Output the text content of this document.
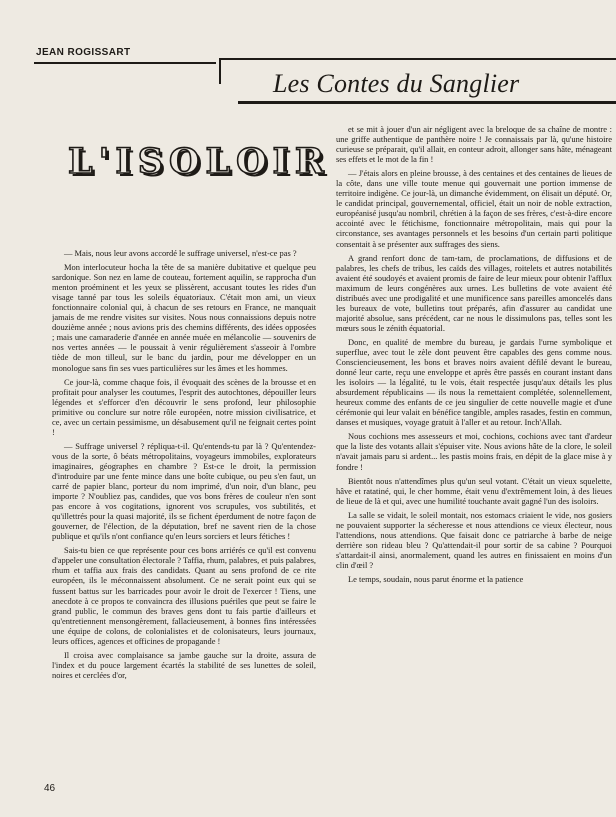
JEAN ROGISSART
Les Contes du Sanglier
L'ISOLOIR

— Mais, nous leur avons accordé le suffrage universel, n'est-ce pas ?

Mon interlocuteur hocha la tête de sa manière dubitative et quelque peu sardonique. Son nez en lame de couteau, fortement aquilin, se rapprocha d'un menton proéminent et les yeux se plissèrent, accusant toutes les rides d'un visage tanné par tous les soleils équatoriaux. C'était mon ami, un vieux fonctionnaire colonial qui, à chacun de ses retours en France, ne manquait jamais de me rendre visites sur visites. Nous nous connaissions depuis notre douzième année ; nous avions pris des chemins différents, des idées opposées ; mais une camaraderie d'année en année muée en mélancolie — souvenirs de nos vertes années — le poussait à venir régulièrement s'asseoir à l'ombre tiède de mon tilleul, sur le banc du jardin, pour me développer en un monologue sans fin ses vues particulières sur les âmes et les hommes.

Ce jour-là, comme chaque fois, il évoquait des scènes de la brousse et en profitait pour analyser les coutumes, l'esprit des autochtones, dépouiller leurs légendes et s'efforcer d'en découvrir le sens profond, leur philosophie primitive ou conclure sur notre rôle européen, notre mission civilisatrice, et ce, avec un certain pessimisme, un désabusement qu'il ne feignait certes point !

— Suffrage universel ? répliqua-t-il. Qu'entends-tu par là ? Qu'entendez-vous de la sorte, ô béats métropolitains, voyageurs immobiles, explorateurs imaginaires, géographes en chambre ? Est-ce le droit, la permission d'introduire par une fente mince dans une boîte cubique, ou peu s'en faut, un carré de papier blanc, porteur du nom imprimé, d'un noir, d'un blanc, peu importe ? N'oubliez pas, candides, que vos bons frères de couleur n'en sont pas encore à vos cogitations, ignorent vos scrupules, vos subtilités, et qu'illettrés pour la quasi majorité, ils se fichent éperdument de notre façon de gouverner, de l'élection, de la députation, bref ne savent rien de la chose publique et qu'ils n'ont confiance qu'en leurs sorciers et leurs fétiches !

Sais-tu bien ce que représente pour ces bons arriérés ce qu'il est convenu d'appeler une consultation électorale ? Taffia, rhum, palabres, et puis palabres, rhum et taffia aux frais des candidats. Quant au sens profond de ce rite européen, ils le méconnaissent absolument. Ce ne serait point eux qui se fussent battus sur les barricades pour avoir le droit de l'exercer ! Tiens, une anecdote à ce propos te convaincra des illusions puériles que peut se faire le grand public, le commun des braves gens dont tu fais partie d'ailleurs et qu'entretiennent mensongèrement, fallacieusement, à bonnes fins intéressées une équipe de colons, de colonialistes et de colonisateurs, leurs journaux, leurs offices, agences et officines de propagande !

Il croisa avec complaisance sa jambe gauche sur la droite, assura de l'index et du pouce largement écartés la stabilité de ses lunettes de soleil, noires et cerclées d'or,

et se mit à jouer d'un air négligent avec la breloque de sa chaîne de montre : une griffe authentique de panthère noire ! Je connaissais par là, qu'une histoire curieuse se préparait, qu'il allait, en conteur adroit, allonger sans hâte, ménageant ses effets et le mot de la fin !

— J'étais alors en pleine brousse, à des centaines et des centaines de lieues de la côte, dans une ville toute menue qui gouvernait une portion immense de territoire indigène. Ce jour-là, un dimanche évidemment, on élisait un député. Or, le candidat principal, gouvernemental, officiel, était un noir de noble extraction, européanisé jusqu'au nombril, chrétien à la façon de ses frères, c'est-à-dire encore accointé avec le fétichisme, fonctionnaire métropolitain, mais qui pour la circonstance, ses avantages personnels et les besoins d'un certain parti politique consentait à se présenter aux suffrages des siens.

A grand renfort donc de tam-tam, de proclamations, de diffusions et de palabres, les chefs de tribus, les caïds des villages, roitelets et autres notabilités avaient été soudoyés et avaient promis de faire de leur mieux pour obtenir l'afflux maximum de leurs congénères aux urnes. Les bulletins de vote avaient été distribués avec une prodigalité et une munificence sans pareilles amoncelés dans les bureaux de vote, bulletins tout préparés, afin d'assurer au candidat une majorité absolue, sans précédent, car ne nous le dissimulons pas, telles sont les mœurs sous le zénith équatorial.

Donc, en qualité de membre du bureau, je gardais l'urne symbolique et superflue, avec tout le zèle dont peuvent être capables des gens comme nous. Consciencieusement, les bons et braves noirs avaient défilé devant le bureau, donné leur carte, reçu une enveloppe et après être passés en courant instant dans les isoloirs — la légalité, tu le vois, était respectée jusqu'aux détails les plus absurdement républicains — ils nous la remettaient complétée, solennellement, heureux comme des enfants de ce jeu singulier de cette nouvelle magie et d'une cérémonie qui leur valait en bénéfice tangible, amples rasades, festin en commun, danses et musiques, voyage gratuit à l'aller et au retour. Inch'Allah.

Nous cochions mes assesseurs et moi, cochions, cochions avec tant d'ardeur que la liste des votants allait s'épuiser vite. Nous avions hâte de la clore, le soleil n'avait jamais paru si ardent... les pastis moins frais, en dépit de la glace mise à y fondre !

Bientôt nous n'attendîmes plus qu'un seul votant. C'était un vieux squelette, hâve et ratatiné, qui, le cher homme, était venu d'extrêmement loin, à des lieues de lieue de là et qui, avec une humilité touchante avait gagné l'un des isoloirs.

La salle se vidait, le soleil montait, nos estomacs criaient le vide, nos gosiers ne pouvaient supporter la sécheresse et nous attendions ce vieux électeur, nous l'attendions, nous attendions. Que faisait donc ce patriarche à barbe de neige derrière son rideau bleu ? Qu'attendait-il pour sortir de sa cabine ? Pourquoi s'attardait-il ainsi, anormalement, quand les autres en finissaient en moins d'un clin d'œil ?

Le temps, soudain, nous parut énorme et la patience

46
